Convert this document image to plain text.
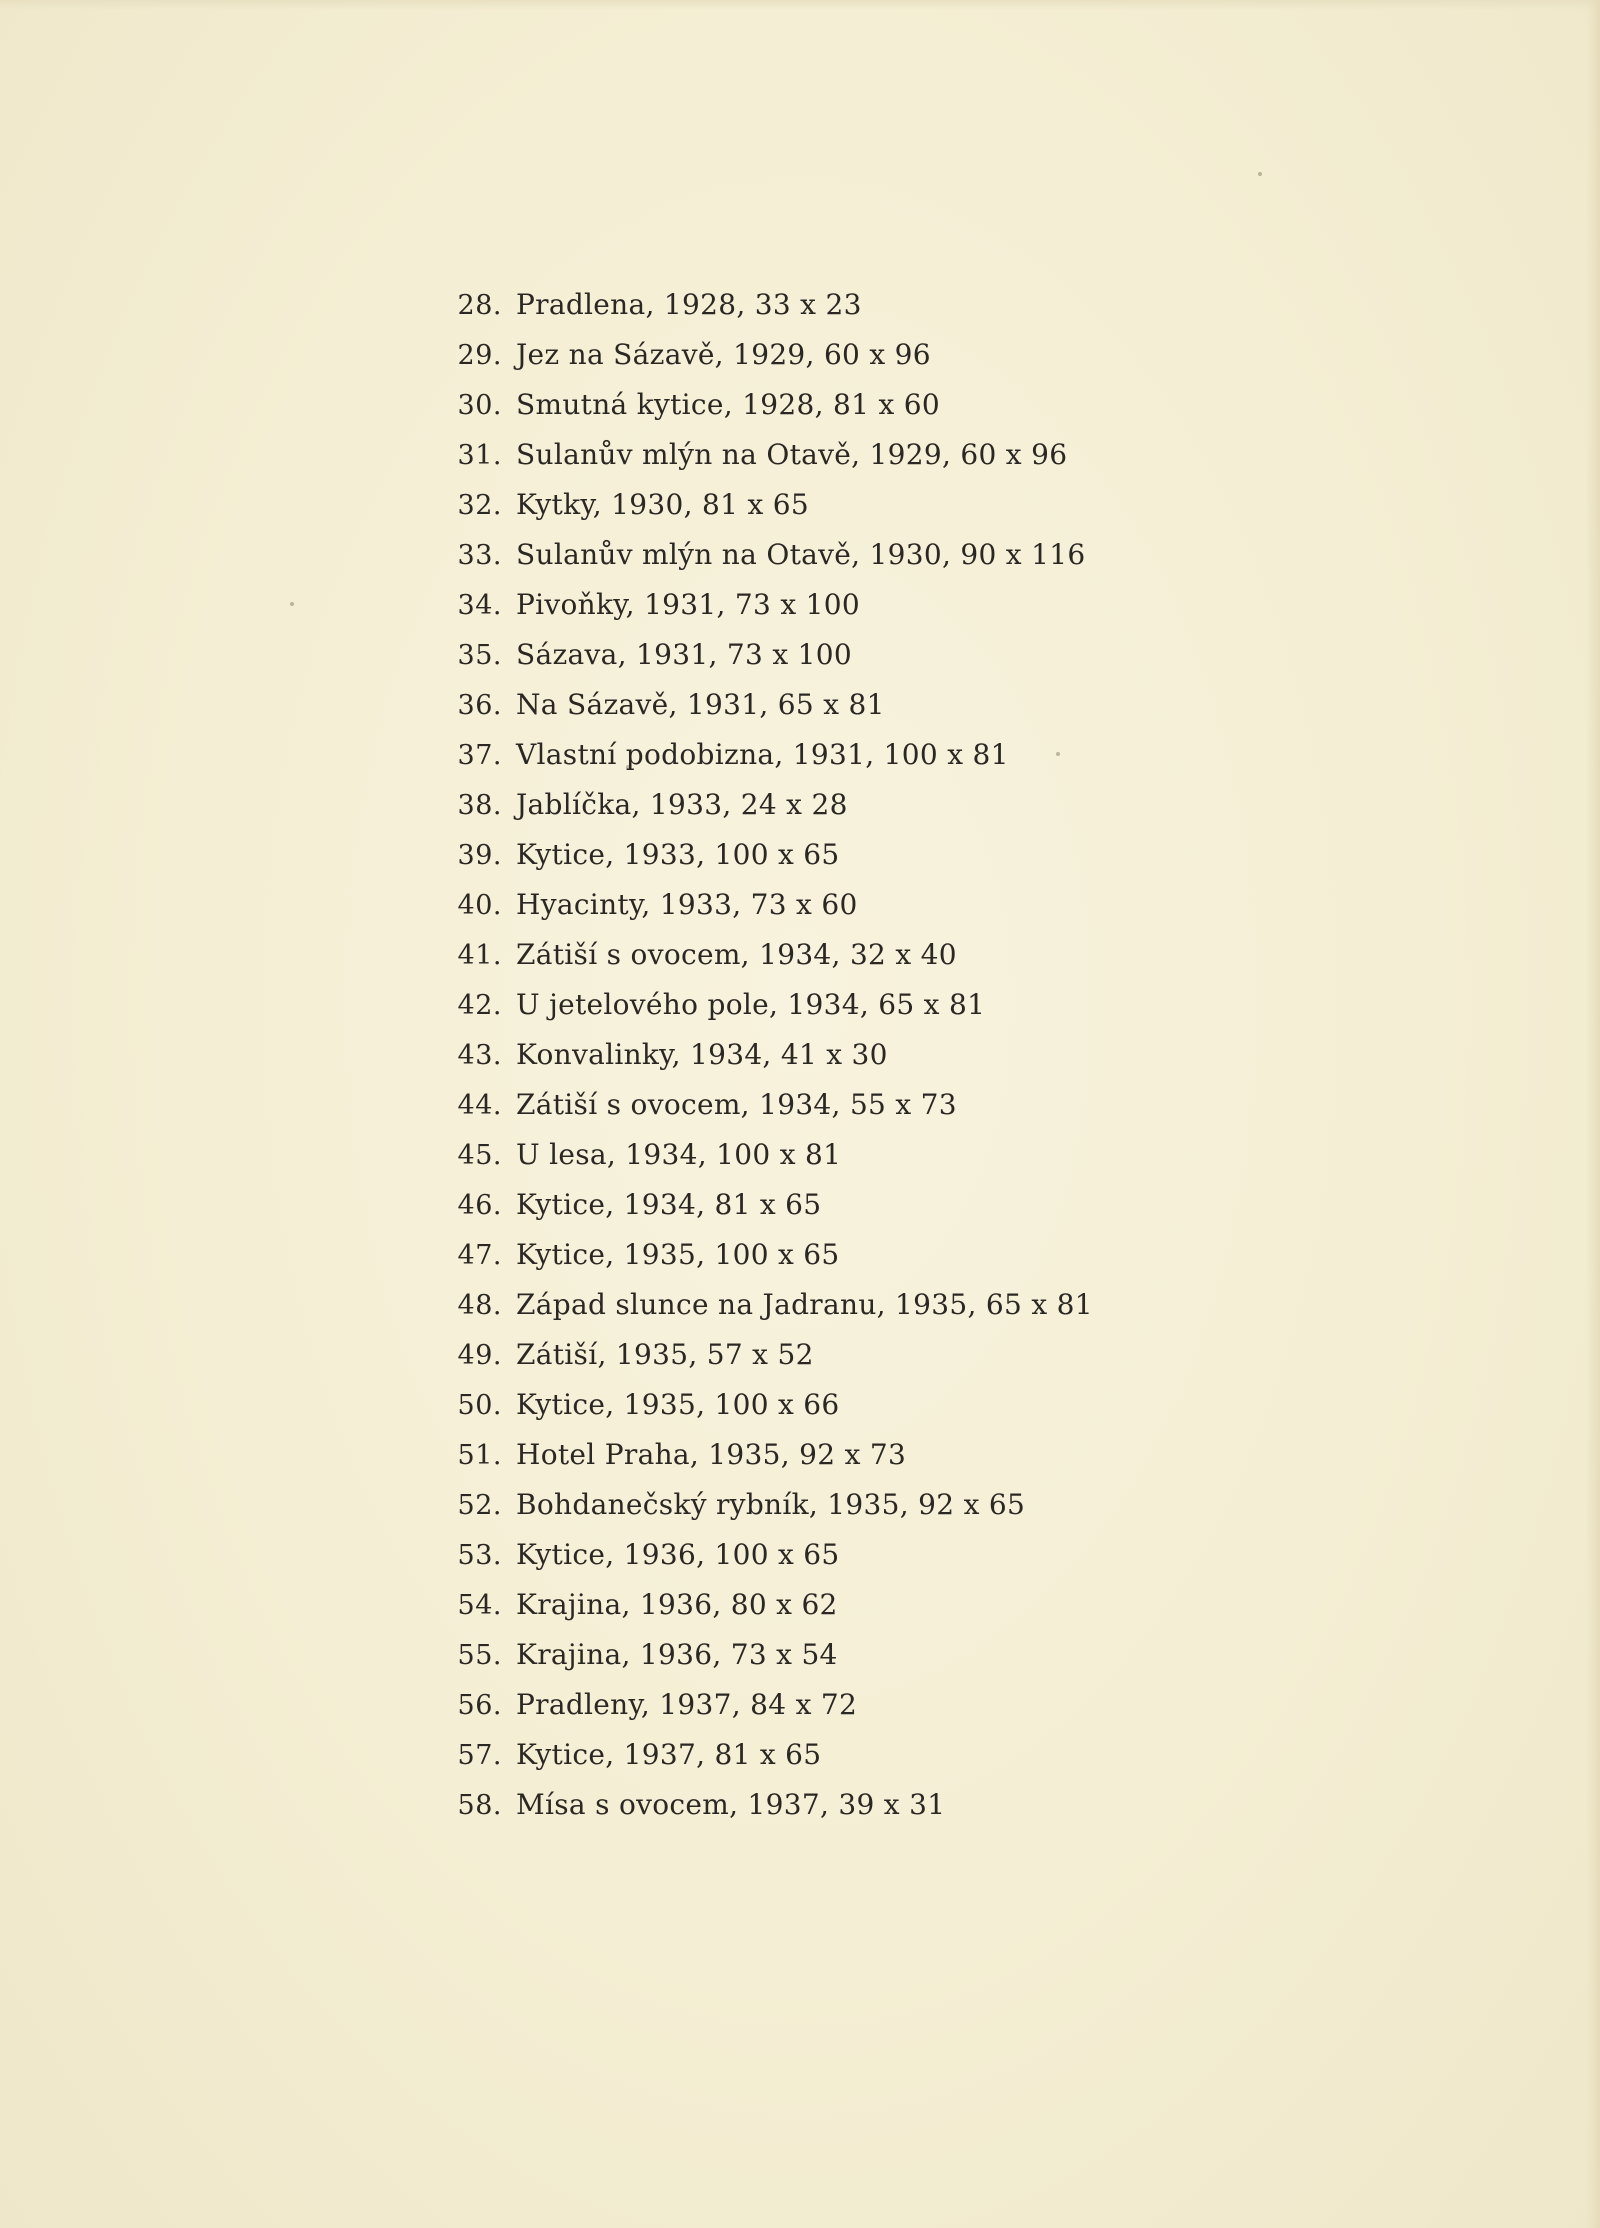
28. Pradlena, 1928, 33 x 23
29. Jez na Sázavě, 1929, 60 x 96
30. Smutná kytice, 1928, 81 x 60
31. Sulanův mlýn na Otavě, 1929, 60 x 96
32. Kytky, 1930, 81 x 65
33. Sulanův mlýn na Otavě, 1930, 90 x 116
34. Pivoňky, 1931, 73 x 100
35. Sázava, 1931, 73 x 100
36. Na Sázavě, 1931, 65 x 81
37. Vlastní podobizna, 1931, 100 x 81
38. Jablíčka, 1933, 24 x 28
39. Kytice, 1933, 100 x 65
40. Hyacinty, 1933, 73 x 60
41. Zátiší s ovocem, 1934, 32 x 40
42. U jetelového pole, 1934, 65 x 81
43. Konvalinky, 1934, 41 x 30
44. Zátiší s ovocem, 1934, 55 x 73
45. U lesa, 1934, 100 x 81
46. Kytice, 1934, 81 x 65
47. Kytice, 1935, 100 x 65
48. Západ slunce na Jadranu, 1935, 65 x 81
49. Zátiší, 1935, 57 x 52
50. Kytice, 1935, 100 x 66
51. Hotel Praha, 1935, 92 x 73
52. Bohdanečský rybník, 1935, 92 x 65
53. Kytice, 1936, 100 x 65
54. Krajina, 1936, 80 x 62
55. Krajina, 1936, 73 x 54
56. Pradleny, 1937, 84 x 72
57. Kytice, 1937, 81 x 65
58. Mísa s ovocem, 1937, 39 x 31
